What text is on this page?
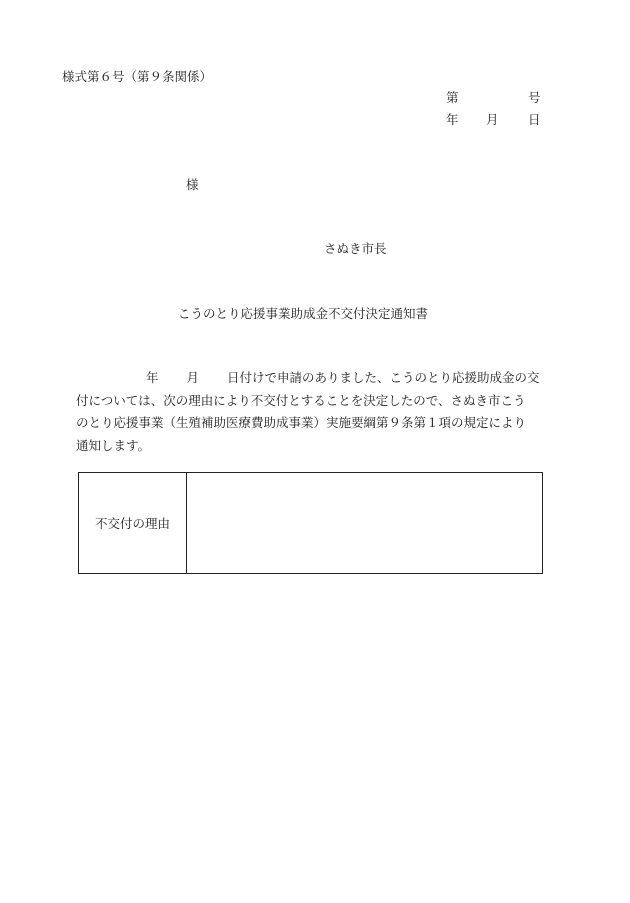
様式第６号（第９条関係）
第	号
年 月 日
様
さぬき市長
こうのとり応援事業助成金不交付決定通知書
年 月 日付けで申請のありました、こうのとり応援助成金の交
付については、次の理由により不交付とすることを決定したので、さぬき市こう
のとり応援事業（生殖補助医療費助成事業）実施要綱第９条第１項の規定により
通知します。
不交付の理由
